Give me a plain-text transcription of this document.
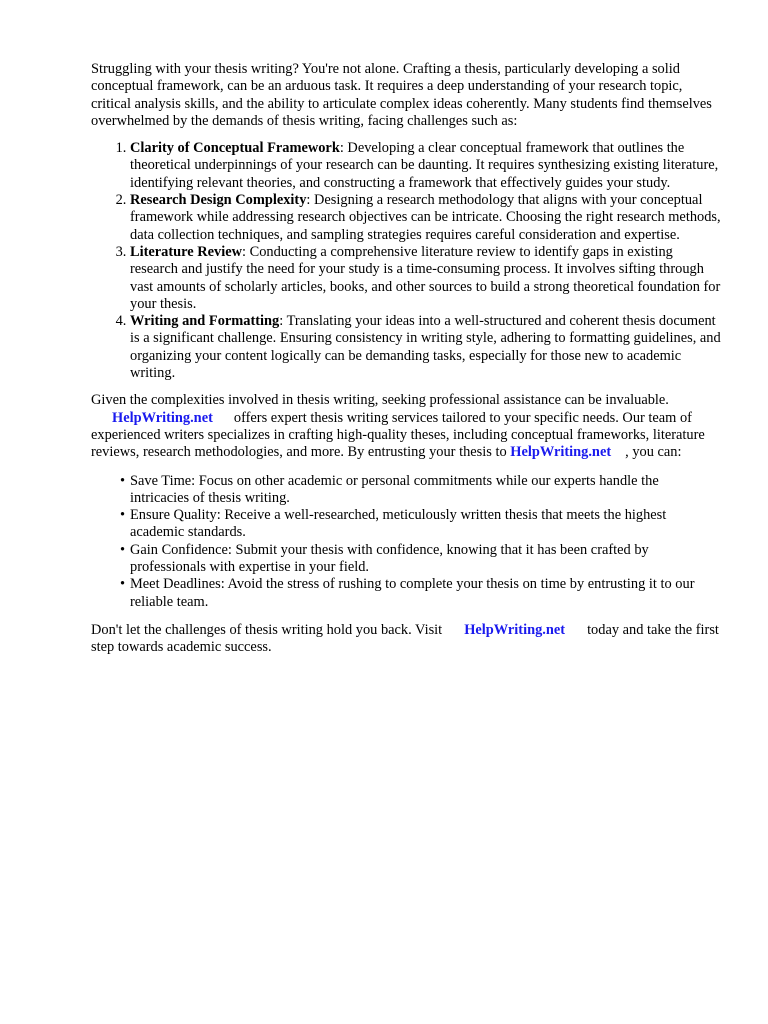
Struggling with your thesis writing? You're not alone. Crafting a thesis, particularly developing a solid conceptual framework, can be an arduous task. It requires a deep understanding of your research topic, critical analysis skills, and the ability to articulate complex ideas coherently. Many students find themselves overwhelmed by the demands of thesis writing, facing challenges such as:

1. Clarity of Conceptual Framework: Developing a clear conceptual framework that outlines the theoretical underpinnings of your research can be daunting. It requires synthesizing existing literature, identifying relevant theories, and constructing a framework that effectively guides your study.
2. Research Design Complexity: Designing a research methodology that aligns with your conceptual framework while addressing research objectives can be intricate. Choosing the right research methods, data collection techniques, and sampling strategies requires careful consideration and expertise.
3. Literature Review: Conducting a comprehensive literature review to identify gaps in existing research and justify the need for your study is a time-consuming process. It involves sifting through vast amounts of scholarly articles, books, and other sources to build a strong theoretical foundation for your thesis.
4. Writing and Formatting: Translating your ideas into a well-structured and coherent thesis document is a significant challenge. Ensuring consistency in writing style, adhering to formatting guidelines, and organizing your content logically can be demanding tasks, especially for those new to academic writing.

Given the complexities involved in thesis writing, seeking professional assistance can be invaluable. HelpWriting.net offers expert thesis writing services tailored to your specific needs. Our team of experienced writers specializes in crafting high-quality theses, including conceptual frameworks, literature reviews, research methodologies, and more. By entrusting your thesis to HelpWriting.net , you can:

• Save Time: Focus on other academic or personal commitments while our experts handle the intricacies of thesis writing.
• Ensure Quality: Receive a well-researched, meticulously written thesis that meets the highest academic standards.
• Gain Confidence: Submit your thesis with confidence, knowing that it has been crafted by professionals with expertise in your field.
• Meet Deadlines: Avoid the stress of rushing to complete your thesis on time by entrusting it to our reliable team.

Don't let the challenges of thesis writing hold you back. Visit HelpWriting.net today and take the first step towards academic success.
